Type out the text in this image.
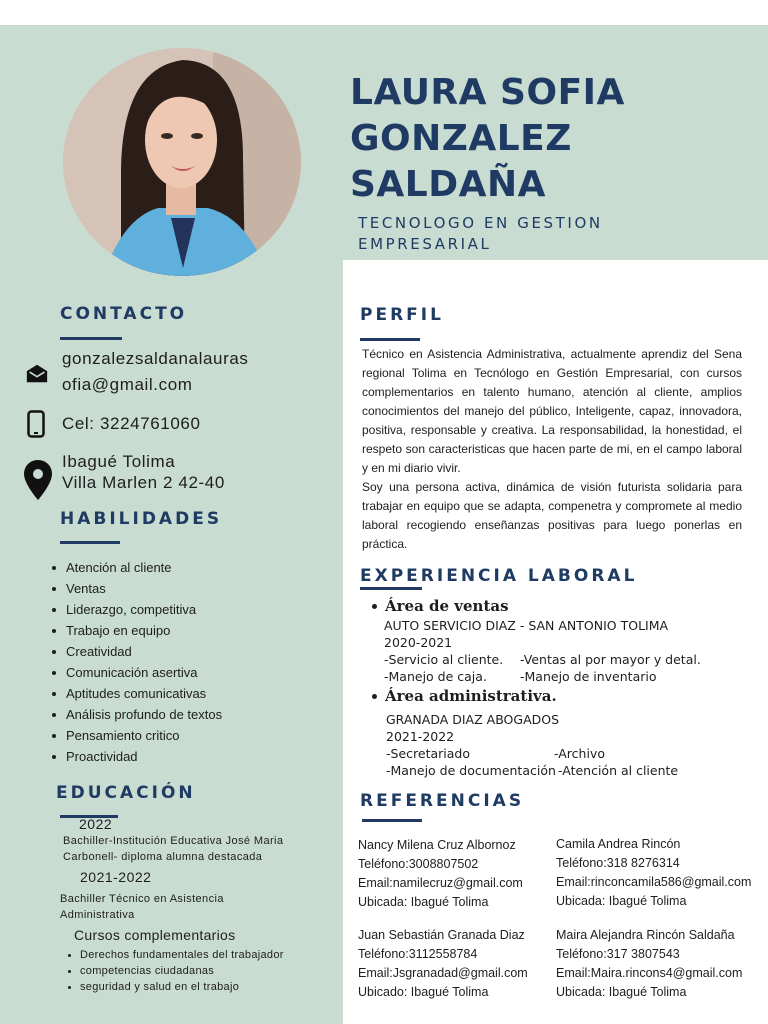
LAURA SOFIA
GONZALEZ
SALDAÑA
TECNOLOGO EN GESTION EMPRESARIAL
CONTACTO
gonzalezsaldanalauras
ofia@gmail.com
Cel: 3224761060
Ibagué Tolima
Villa Marlen 2 42-40
HABILIDADES
Atención al cliente
Ventas
Liderazgo, competitiva
Trabajo en equipo
Creatividad
Comunicación asertiva
Aptitudes comunicativas
Análisis profundo de textos
Pensamiento critico
Proactividad
EDUCACIÓN
2022
Bachiller-Institución Educativa José Maria
Carbonell- diploma alumna destacada
2021-2022
Bachiller Técnico en Asistencia
Administrativa
Cursos complementarios
Derechos fundamentales del trabajador
competencias ciudadanas
seguridad y salud en el trabajo
PERFIL

Técnico en Asistencia Administrativa, actualmente aprendiz del Sena regional Tolima en Tecnólogo en Gestión Empresarial, con cursos complementarios en talento humano, atención al cliente, amplios conocimientos del manejo del público, Inteligente, capaz, innovadora, positiva, responsable y creativa. La responsabilidad, la honestidad, el respeto son caracteristicas que hacen parte de mi, en el campo laboral y en mi diario vivir.

Soy una persona activa, dinámica de visión futurista solidaria para trabajar en equipo que se adapta, compenetra y compromete al medio laboral recogiendo enseñanzas positivas para luego ponerlas en práctica.

EXPERIENCIA LABORAL
Área de ventas
AUTO SERVICIO DIAZ - SAN ANTONIO TOLIMA
2020-2021
-Servicio al cliente. -Ventas al por mayor y detal.
-Manejo de caja.	-Manejo de inventario
Área administrativa.
GRANADA DIAZ ABOGADOS
2021-2022
-Secretariado	-Archivo
-Manejo de documentación -Atención al cliente
REFERENCIAS
Nancy Milena Cruz Albornoz
Teléfono:3008807502
Email:namilecruz@gmail.com
Ubicada: Ibagué Tolima
Camila Andrea Rincón
Teléfono:318 8276314
Email:rinconcamila586@gmail.com
Ubicada: Ibagué Tolima
Juan Sebastián Granada Diaz
Teléfono:3112558784
Email:Jsgranadad@gmail.com
Ubicado: Ibagué Tolima
Maira Alejandra Rincón Saldaña
Teléfono:317 3807543
Email:Maira.rincons4@gmail.com
Ubicada: Ibagué Tolima
